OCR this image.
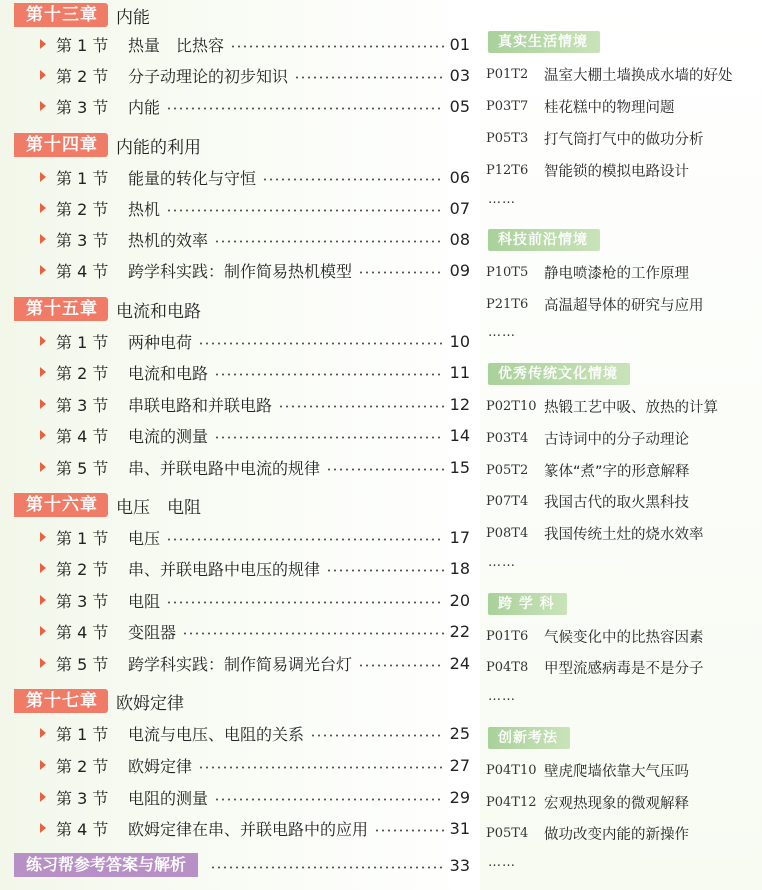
第十三章	内能
第 1 节	热量　比热容	01
第 2 节	分子动理论的初步知识	03
第 3 节	内能	05
第十四章	内能的利用
第 1 节	能量的转化与守恒	06
第 2 节	热机	07
第 3 节	热机的效率	08
第 4 节	跨学科实践：制作简易热机模型	09
第十五章	电流和电路
第 1 节	两种电荷	10
第 2 节	电流和电路	11
第 3 节	串联电路和并联电路	12
第 4 节	电流的测量	14
第 5 节	串、并联电路中电流的规律	15
第十六章	电压　电阻
第 1 节	电压	17
第 2 节	串、并联电路中电压的规律	18
第 3 节	电阻	20
第 4 节	变阻器	22
第 5 节	跨学科实践：制作简易调光台灯	24
第十七章	欧姆定律
第 1 节	电流与电压、电阻的关系	25
第 2 节	欧姆定律	27
第 3 节	电阻的测量	29
第 4 节	欧姆定律在串、并联电路中的应用	31
练习帮参考答案与解析	33
真实生活情境
P01T2	温室大棚土墙换成水墙的好处
P03T7	桂花糕中的物理问题
P05T3	打气筒打气中的做功分析
P12T6	智能锁的模拟电路设计
……
科技前沿情境
P10T5	静电喷漆枪的工作原理
P21T6	高温超导体的研究与应用
……
优秀传统文化情境
P02T10 热锻工艺中吸、放热的计算
P03T4	古诗词中的分子动理论
P05T2	篆体“煮”字的形意解释
P07T4	我国古代的取火黑科技
P08T4	我国传统土灶的烧水效率
……
跨 学 科
P01T6	气候变化中的比热容因素
P04T8	甲型流感病毒是不是分子
……
创新考法
P04T10 壁虎爬墙依靠大气压吗
P04T12 宏观热现象的微观解释
P05T4	做功改变内能的新操作
……
